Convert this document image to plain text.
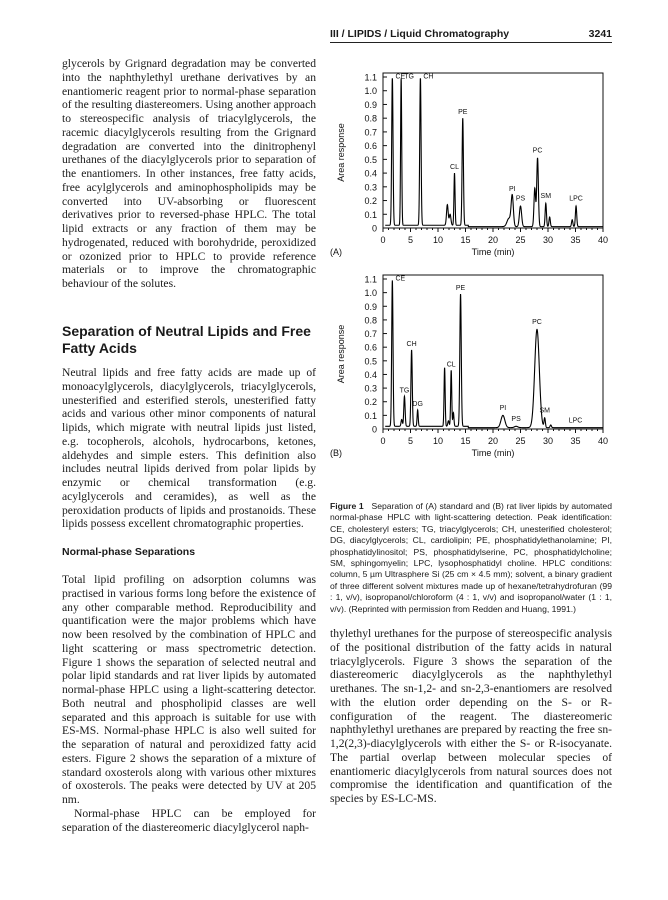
III / LIPIDS / Liquid Chromatography	3241

glycerols by Grignard degradation may be converted into the naphthylethyl urethane derivatives by an enantiomeric reagent prior to normal-phase separation of the resulting diastereomers. Using another approach to stereospecific analysis of triacylglycerols, the racemic diacylglycerols resulting from the Grignard degradation are converted into the dinitrophenyl urethanes of the diacylglycerols prior to separation of the enantiomers. In other instances, free fatty acids, free acylglycerols and aminophospholipids may be converted into UV-absorbing or fluorescent derivatives prior to reversed-phase HPLC. The total lipid extracts or any fraction of them may be hydrogenated, reduced with borohydride, peroxidized or ozonized prior to HPLC to provide reference materials or to improve the chromatographic behaviour of the solutes.

Separation of Neutral Lipids and Free Fatty Acids

Neutral lipids and free fatty acids are made up of monoacylglycerols, diacylglycerols, triacylglycerols, unesterified and esterified sterols, unesterified fatty acids and various other minor components of natural lipids, which migrate with neutral lipids just listed, e.g. tocopherols, alcohols, hydrocarbons, ketones, aldehydes and simple esters. This definition also includes neutral lipids derived from polar lipids by enzymic or chemical transformation (e.g. acylglycerols and ceramides), as well as the peroxidation products of lipids and prostanoids. These lipids possess excellent chromatographic properties.

Normal-phase Separations

Total lipid profiling on adsorption columns was practised in various forms long before the existence of any other comparable method. Reproducibility and quantification were the major problems which have now been resolved by the combination of HPLC and light scattering or mass spectrometric detection. Figure 1 shows the separation of selected neutral and polar lipid standards and rat liver lipids by automated normal-phase HPLC using a light-scattering detector. Both neutral and phospholipid classes are well separated and this approach is suitable for use with ES-MS. Normal-phase HPLC is also well suited for the separation of natural and peroxidized fatty acid esters. Figure 2 shows the separation of a mixture of standard oxosterols along with various other mixtures of oxosterols. The peaks were detected by UV at 205 nm.

Normal-phase HPLC can be employed for separation of the diastereomeric diacylglycerol naph-

0
0.1
0.2
0.3
0.4
0.5
0.6
0.7
0.8
0.9
1.0
1.1
0 5 10 15 20 25 30 35 40
Time (min)
Area response
(A)
CE TG CH
CL
PE
PI
PS
PC
SM	LPC
0
0.1
0.2
0.3
0.4
0.5
0.6
0.7
0.8
0.9
1.0
1.1
0 5 10 15 20 25 30 35 40
Time (min)
Area response
(B)
CE
TG
CH
DG
CL
PE
PI
PS
PC
SM
LPC
Figure 1 Separation of (A) standard and (B) rat liver lipids by automated normal-phase HPLC with light-scattering detection. Peak identification: CE, cholesteryl esters; TG, triacylglycerols; CH, unesterified cholesterol; DG, diacylglycerols; CL, cardiolipin; PE, phosphatidylethanolamine; PI, phosphatidylinositol; PS, phosphatidylserine, PC, phosphatidylcholine; SM, sphingomyelin; LPC, lysophosphatidyl choline. HPLC conditions: column, 5 µm Ultrasphere Si (25 cm × 4.5 mm); solvent, a binary gradient of three different solvent mixtures made up of hexane/tetrahydrofuran (99 : 1, v/v), isopropanol/chloroform (4 : 1, v/v) and isopropanol/water (1 : 1, v/v). (Reprinted with permission from Redden and Huang, 1991.)

thylethyl urethanes for the purpose of stereospecific analysis of the positional distribution of the fatty acids in natural triacylglycerols. Figure 3 shows the separation of the diastereomeric diacylglycerols as the naphthylethyl urethanes. The sn-1,2- and sn-2,3-enantiomers are resolved with the elution order depending on the S- or R-configuration of the reagent. The diastereomeric naphthylethyl urethanes are prepared by reacting the free sn-1,2(2,3)-diacylglycerols with either the S- or R-isocyanate. The partial overlap between molecular species of enantiomeric diacylglycerols from natural sources does not compromise the identification and quantification of the species by ES-LC-MS.
